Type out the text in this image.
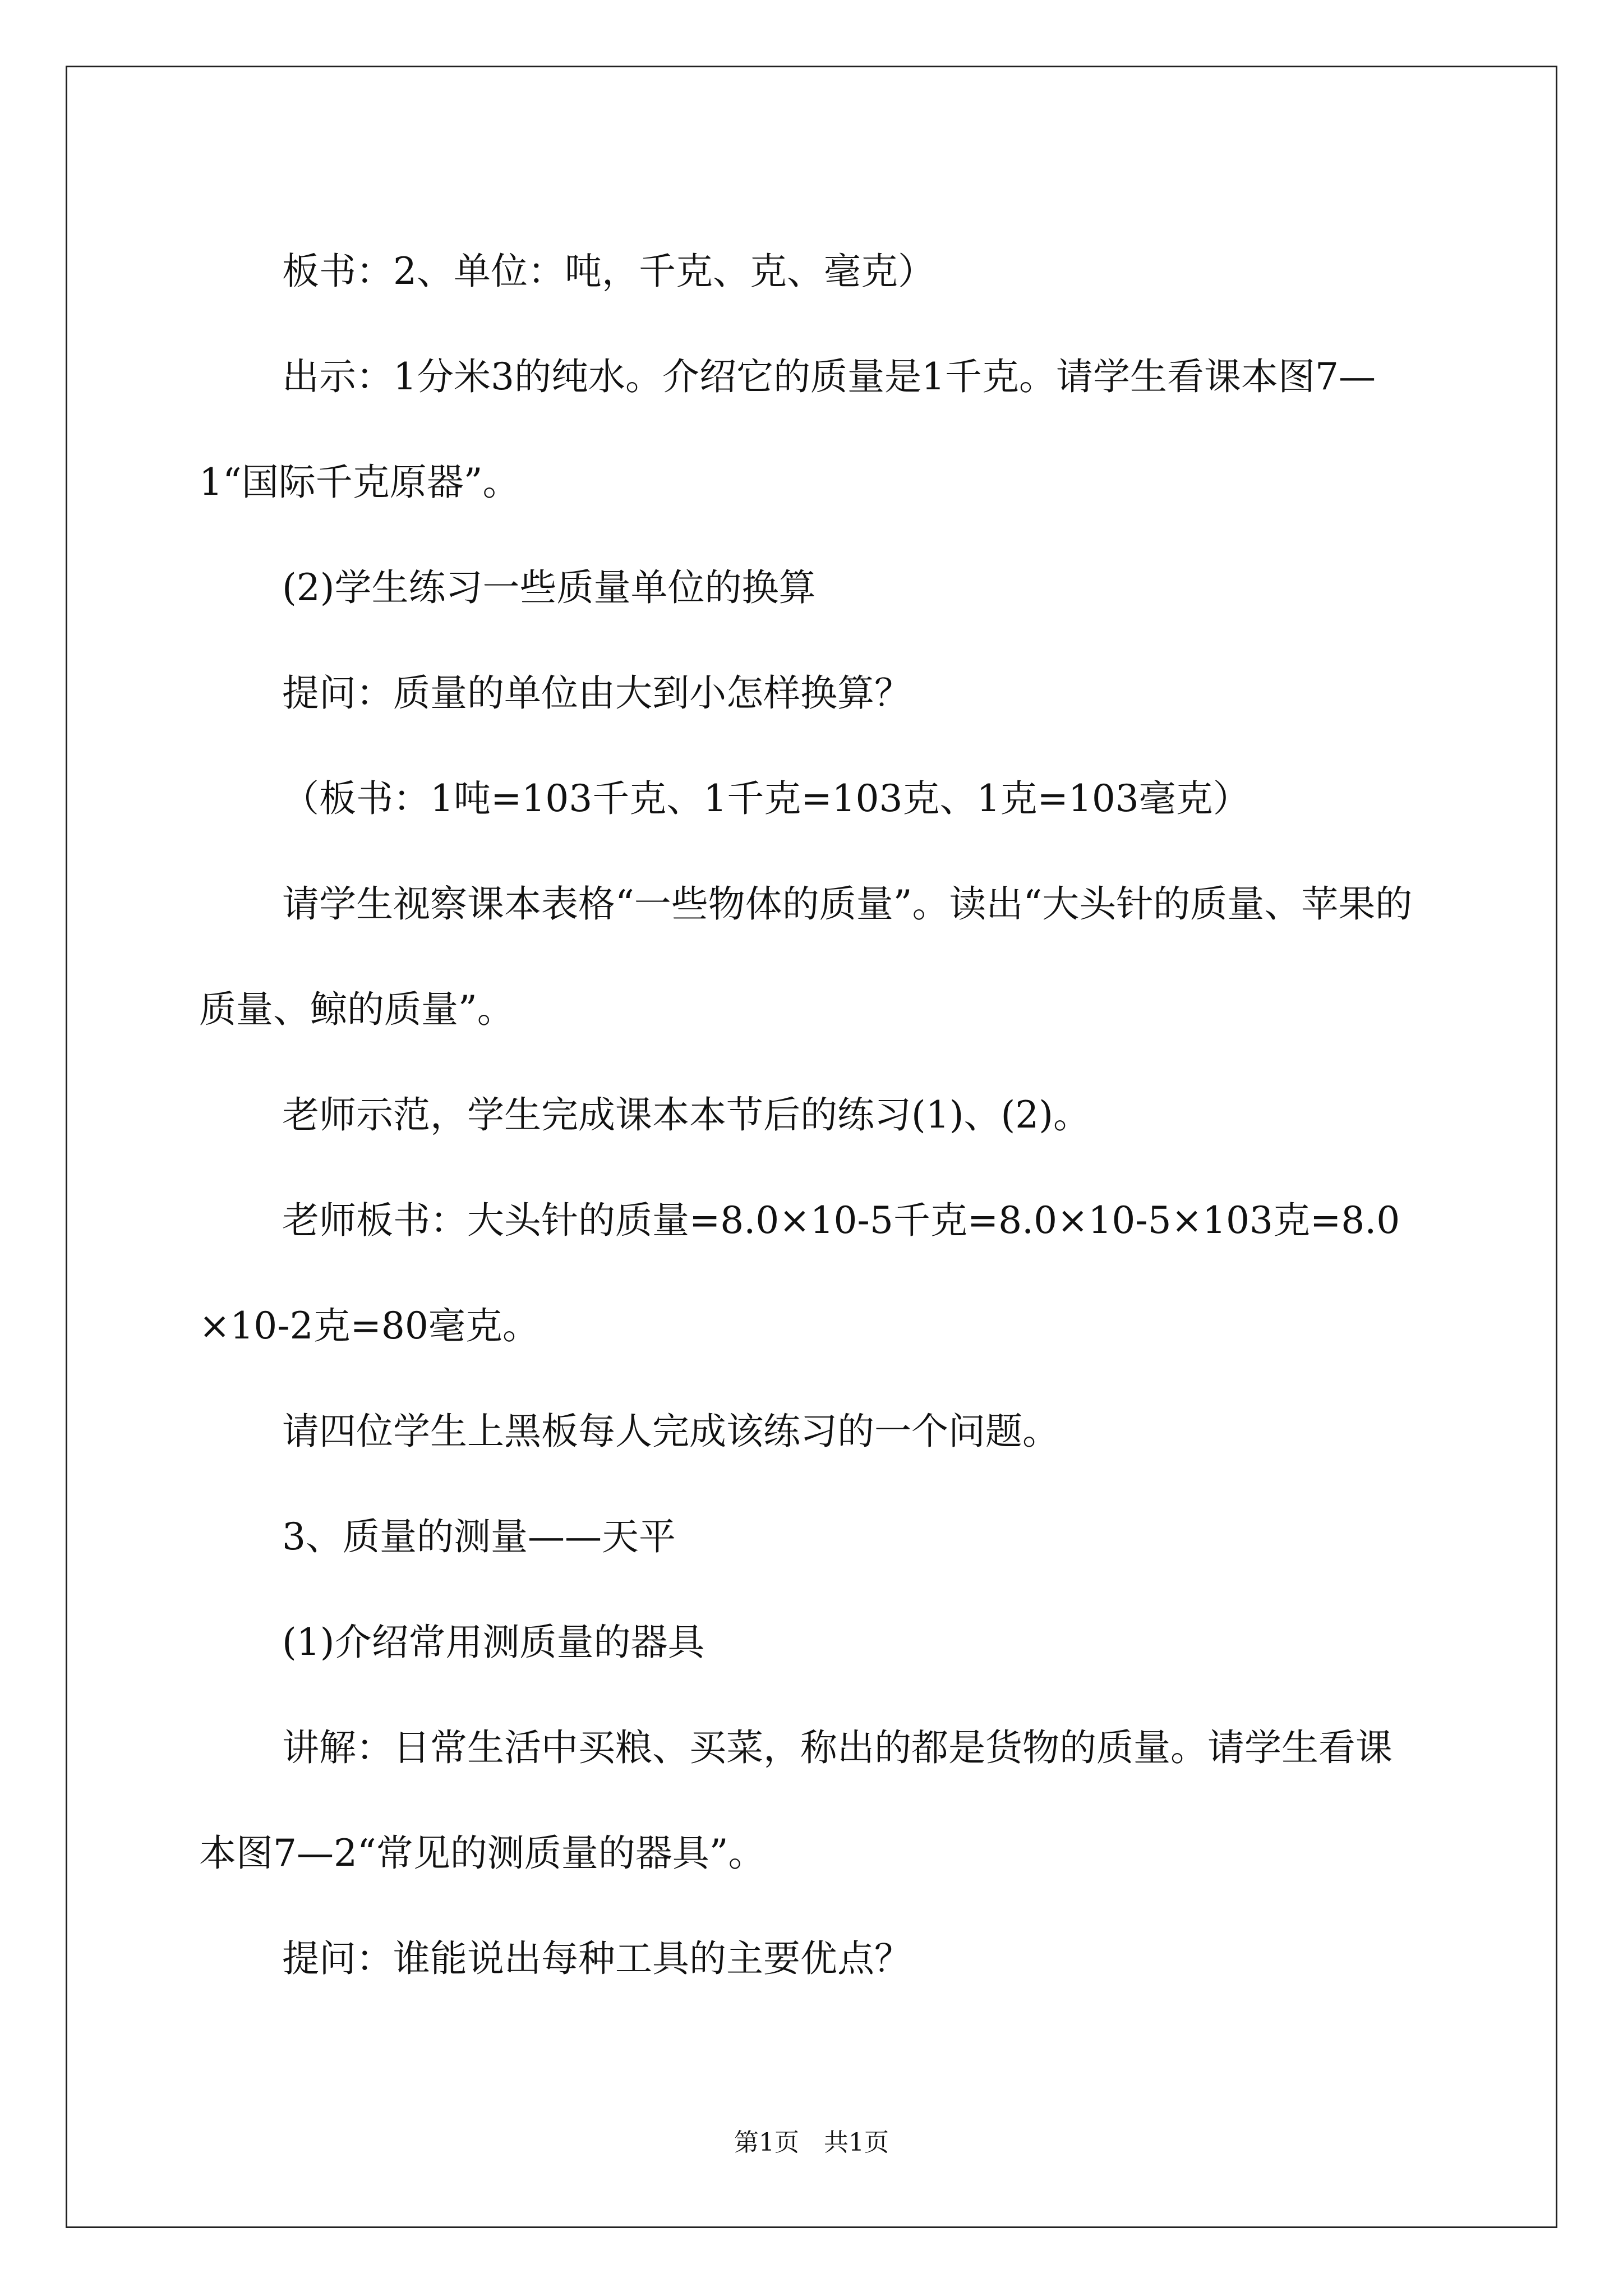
板书：2、单位：吨，千克、克、毫克）

出示：1分米3的纯水。介绍它的质量是1千克。请学生看课本图7—1“国际千克原器”。

(2)学生练习一些质量单位的换算

提问：质量的单位由大到小怎样换算？

（板书：1吨=103千克、1千克=103克、1克=103毫克）

请学生视察课本表格“一些物体的质量”。读出“大头针的质量、苹果的质量、鲸的质量”。

老师示范，学生完成课本本节后的练习(1)、(2)。

老师板书：大头针的质量=8.0×10-5千克=8.0×10-5×103克=8.0×10-2克=80毫克。

请四位学生上黑板每人完成该练习的一个问题。

3、质量的测量——天平

(1)介绍常用测质量的器具

讲解：日常生活中买粮、买菜，称出的都是货物的质量。请学生看课本图7—2“常见的测质量的器具”。

提问：谁能说出每种工具的主要优点？

第1页　共1页
